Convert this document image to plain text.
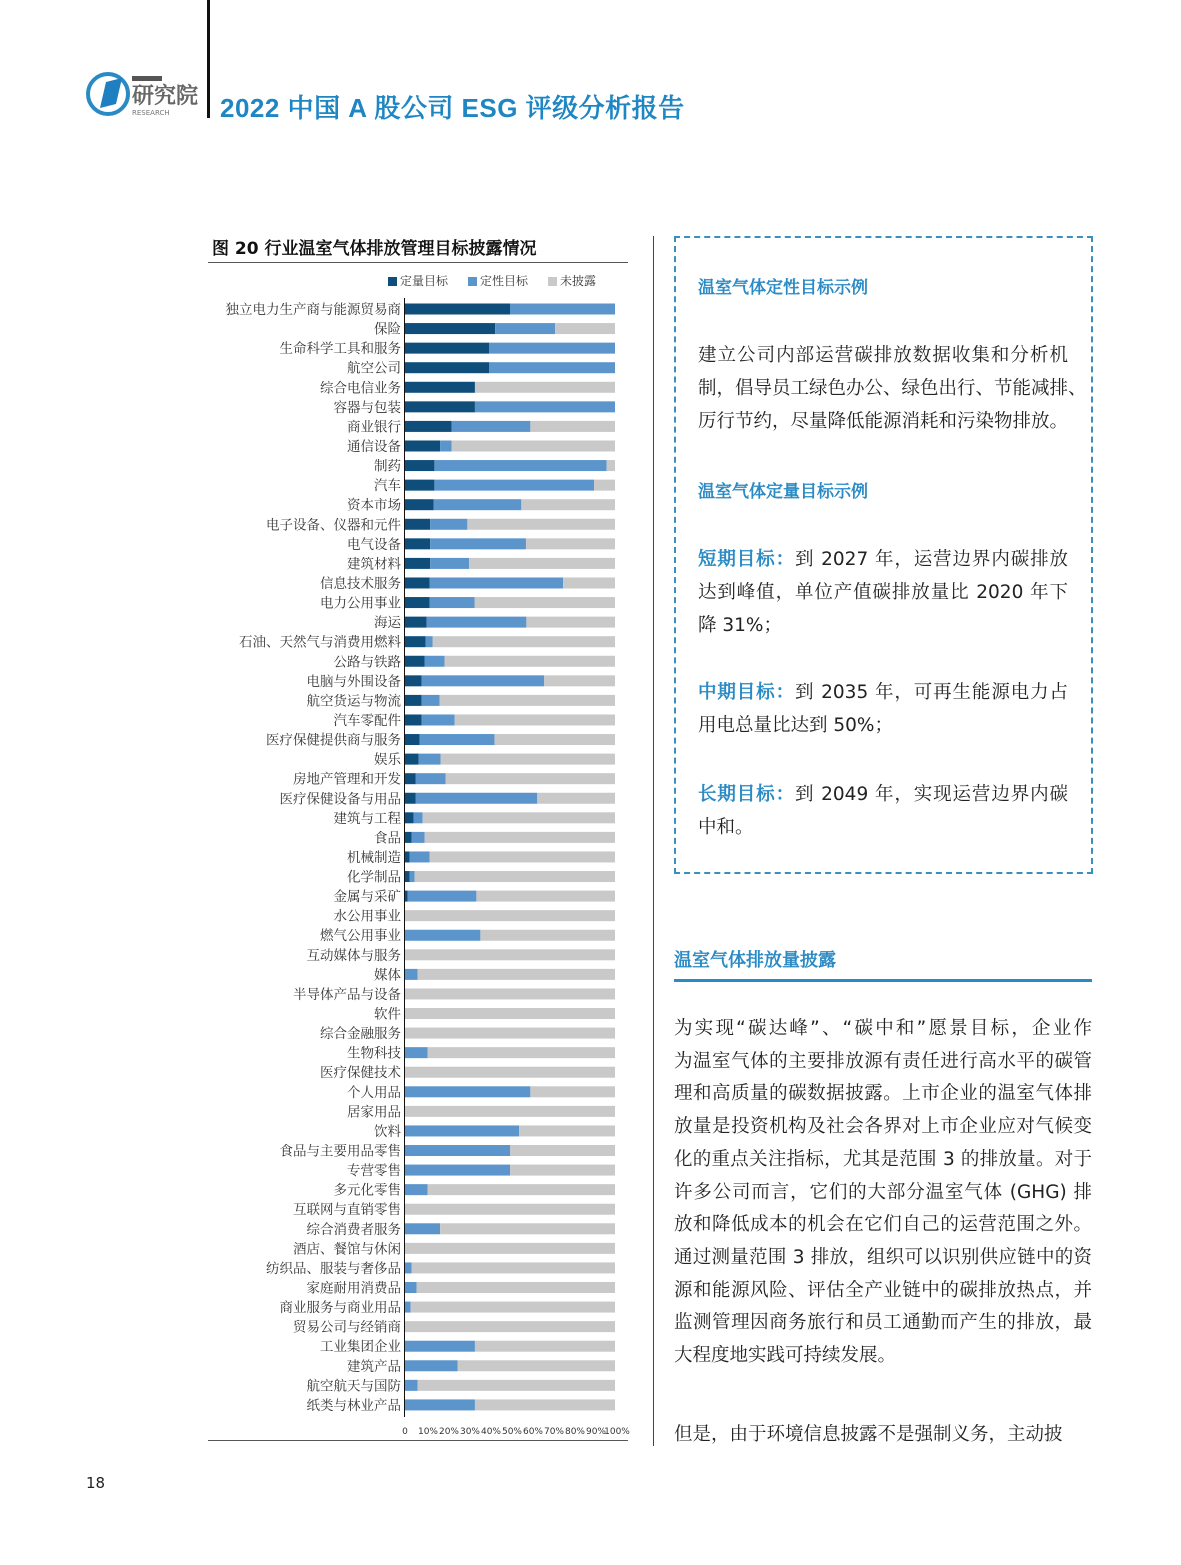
研究院
RESEARCH 2022 中国 A 股公司 ESG 评级分析报告
图 20 行业温室气体排放管理目标披露情况
定量目标	定性目标	未披露
独立电力生产商与能源贸易商
保险
生命科学工具和服务
航空公司
综合电信业务
容器与包装
商业银行
通信设备
制药
汽车
资本市场
电子设备、仪器和元件
电气设备
建筑材料
信息技术服务
电力公用事业
海运
石油、天然气与消费用燃料
公路与铁路
电脑与外围设备
航空货运与物流
汽车零配件
医疗保健提供商与服务
娱乐
房地产管理和开发
医疗保健设备与用品
建筑与工程
食品
机械制造
化学制品
金属与采矿
水公用事业
燃气公用事业
互动媒体与服务
媒体
半导体产品与设备
软件
综合金融服务
生物科技
医疗保健技术
个人用品
居家用品
饮料
食品与主要用品零售
专营零售
多元化零售
互联网与直销零售
综合消费者服务
酒店、餐馆与休闲
纺织品、服装与奢侈品
家庭耐用消费品
商业服务与商业用品
贸易公司与经销商
工业集团企业
建筑产品
航空航天与国防
纸类与林业产品
0 10% 20% 30% 40% 50% 60% 70% 80% 90%
100%
温室气体定性目标示例
建立公司内部运营碳排放数据收集和分析机
制，倡导员工绿色办公、绿色出行、节能减排、
厉行节约，尽量降低能源消耗和污染物排放。
温室气体定量目标示例
短期目标：到 2027 年，运营边界内碳排放
达到峰值，单位产值碳排放量比 2020 年下
降 31%；
中期目标：到 2035 年，可再生能源电力占
用电总量比达到 50%；
长期目标：到 2049 年，实现运营边界内碳
中和。
温室气体排放量披露
为实现“碳达峰”、“碳中和”愿景目标，企业作
为温室气体的主要排放源有责任进行高水平的碳管
理和高质量的碳数据披露。上市企业的温室气体排
放量是投资机构及社会各界对上市企业应对气候变
化的重点关注指标，尤其是范围 3 的排放量。对于
许多公司而言，它们的大部分温室气体 (GHG) 排
放和降低成本的机会在它们自己的运营范围之外。
通过测量范围 3 排放，组织可以识别供应链中的资
源和能源风险、评估全产业链中的碳排放热点，并
监测管理因商务旅行和员工通勤而产生的排放，最
大程度地实践可持续发展。
但是，由于环境信息披露不是强制义务，主动披
18
